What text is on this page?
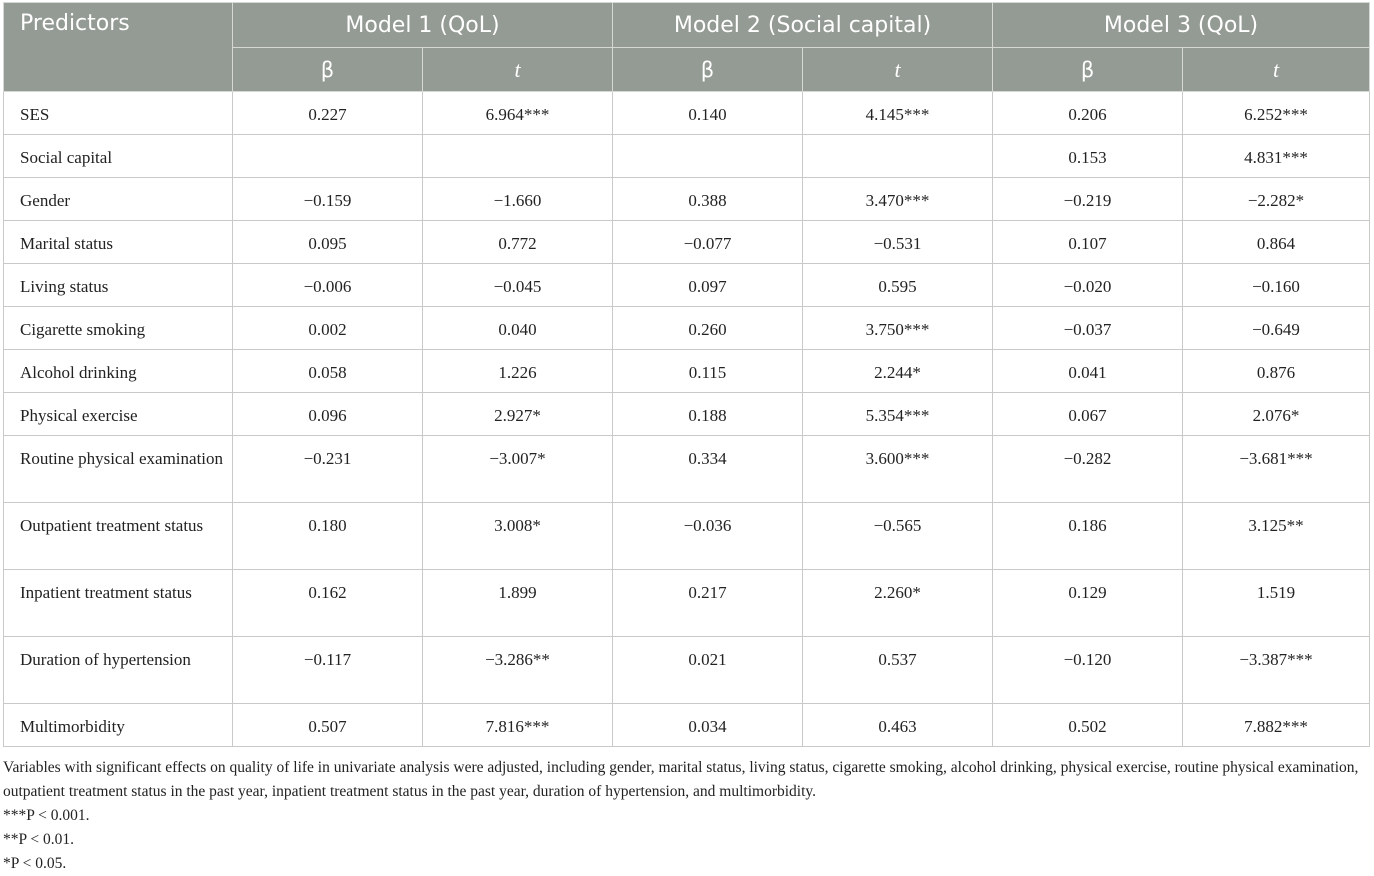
Predictors	Model 1 (QoL)		Model 2 (Social capital)		Model 3 (QoL)	
	β	t	β	t	β	t
SES	0.227	6.964***	0.140	4.145***	0.206	6.252***
Social capital					0.153	4.831***
Gender	−0.159	−1.660	0.388	3.470***	−0.219	−2.282*
Marital status	0.095	0.772	−0.077	−0.531	0.107	0.864
Living status	−0.006	−0.045	0.097	0.595	−0.020	−0.160
Cigarette smoking	0.002	0.040	0.260	3.750***	−0.037	−0.649
Alcohol drinking	0.058	1.226	0.115	2.244*	0.041	0.876
Physical exercise	0.096	2.927*	0.188	5.354***	0.067	2.076*
Routine physical examination	−0.231	−3.007*	0.334	3.600***	−0.282	−3.681***
Outpatient treatment status	0.180	3.008*	−0.036	−0.565	0.186	3.125**
Inpatient treatment status	0.162	1.899	0.217	2.260*	0.129	1.519
Duration of hypertension	−0.117	−3.286**	0.021	0.537	−0.120	−3.387***
Multimorbidity	0.507	7.816***	0.034	0.463	0.502	7.882***

Variables with significant effects on quality of life in univariate analysis were adjusted, including gender, marital status, living status, cigarette smoking, alcohol drinking, physical exercise, routine physical examination, outpatient treatment status in the past year, inpatient treatment status in the past year, duration of hypertension, and multimorbidity.

***P < 0.001.

**P < 0.01.

*P < 0.05.
